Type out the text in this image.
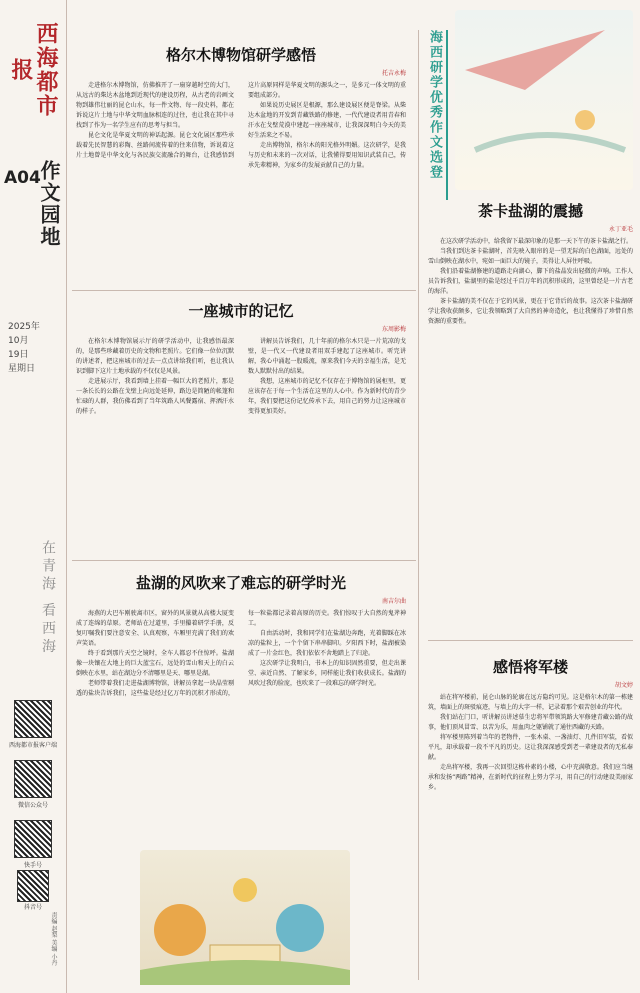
西海都市报
A04
作文园地
2025年
10月
19日
星期日
在青海 看西海
西海都市报客户端
微信公众号
快手号
抖音号
责编 赵梨 美编 小丹
格尔木博物馆研学感悟
托吉永梅

走进格尔木博物馆，仿佛推开了一扇穿越时空的大门，从远古的柴达木盆地到近现代的建设历程，从古老的岩画文物到雄伟壮丽的昆仑山水，每一件文物、每一段史料，都在诉说这片土地与中华文明血脉相连的过往，也让我在其中寻找到了作为一名学生应有的思考与担当。

昆仑文化是华夏文明的神话起源。昆仑文化展区那些承载着先民智慧的彩陶、丝路间流传着的往来信物，诉说着这片土地曾是中华文化与各民族交流融合的舞台，让我感悟到这片高原同样是华夏文明的源头之一，是多元一体文明的重要组成部分。

如果说历史展区是根源，那么建设展区便是脊梁。从柴达木盆地的开发到青藏铁路的修建，一代代建设者用青春和汗水在戈壁荒漠中建起一座座城市，让我深深明白今天的美好生活来之不易。

走出博物馆，格尔木的阳光格外明媚。这次研学，是我与历史和未来的一次对话，让我懂得要用知识武装自己，传承先辈精神，为家乡的发展贡献自己的力量。

一座城市的记忆
东周影梅

在格尔木博物馆展示厅的研学活动中，让我感悟最深的，是那些珍藏着历史的文物和老照片。它们像一位位沉默的讲述者，把这座城市的过去一点点讲给我们听，也让我认识到脚下这片土地承载的不仅仅是风景。

走进展示厅，我看到墙上挂着一幅巨大的老照片，那是一条长长的公路在戈壁上向远处延伸，路边是简陋的帐篷和忙碌的人群，我仿佛看到了当年筑路人风餐露宿、挥洒汗水的样子。

讲解员告诉我们，几十年前的格尔木只是一片荒凉的戈壁，是一代又一代建设者用双手建起了这座城市。听完讲解，我心中涌起一股暖流，原来我们今天的幸福生活，是无数人默默付出的结果。

我想，这座城市的记忆不仅存在于博物馆的展柜里，更应该存在于每一个生活在这里的人心中。作为新时代的青少年，我们要把这份记忆传承下去，用自己的努力让这座城市变得更加美好。

盐湖的风吹来了难忘的研学时光
南吉尔曲

海燕的大巴车刚驶离市区，窗外的风景就从高楼大厦变成了连绵的草原。老师站在过道里，手里攥着研学手册，反复叮嘱我们要注意安全、认真观察，车厢里充满了我们的欢声笑语。

终于看到那片天空之镜时，全车人都忍不住惊呼。盐湖像一块镶在大地上的巨大蓝宝石，远处的雪山和天上的白云倒映在水里，站在湖边分不清哪里是天、哪里是湖。

老师带着我们走进盐湖博物馆，讲解员拿起一块晶莹剔透的盐块告诉我们，这些盐是经过亿万年的沉积才形成的，每一粒盐都记录着高原的历史。我们惊叹于大自然的鬼斧神工。

自由活动时，我和同学们在盐湖边奔跑，光着脚踩在冰凉的盐粒上，一个个留下串串脚印。夕阳西下时，盐湖被染成了一片金红色，我们依依不舍地踏上了归途。

这次研学让我明白，书本上的知识固然重要，但走出课堂、亲近自然、了解家乡，同样能让我们收获成长。盐湖的风吹过我的脸庞，也吹来了一段难忘的研学时光。

海西研学优秀作文选登
茶卡盐湖的震撼
永丁亚毛

在这次研学活动中，给我留下最深印象的是那一天下午的茶卡盐湖之行。

当我们到达茶卡盐湖时，首先映入眼帘的是一望无际的白色湖面，远处的雪山倒映在湖水中，宛如一面巨大的镜子，美得让人屏住呼吸。

我们沿着盐湖修建的道路走向湖心，脚下的盐晶发出轻微的声响。工作人员告诉我们，盐湖里的盐是经过千百万年的沉积形成的，这里曾经是一片古老的海洋。

茶卡盐湖的美不仅在于它的风景，更在于它背后的故事。这次茶卡盐湖研学让我收获颇多，它让我领略到了大自然的神奇造化，也让我懂得了珍惜自然资源的重要性。

感悟将军楼
胡文婷

站在将军楼前，昆仑山脉的轮廓在远方隐约可见。这是格尔木的第一栋建筑，墙面上的斑驳痕迹，与墙上的大字一样，记录着那个艰苦创业的年代。

我们站在门口，听讲解员讲述慕生忠将军带领筑路大军修建青藏公路的故事，他们顶风冒雪、以苦为乐，用血肉之躯铺就了通往西藏的天路。

将军楼里陈列着当年的老物件，一张木桌、一盏油灯、几件旧军装，看似平凡，却承载着一段不平凡的历史。这让我深深感受到老一辈建设者的无私奉献。

走出将军楼，我再一次回望这栋朴素的小楼，心中充满敬意。我们应当继承和发扬“两路”精神，在新时代的征程上努力学习，用自己的行动建设美丽家乡。
